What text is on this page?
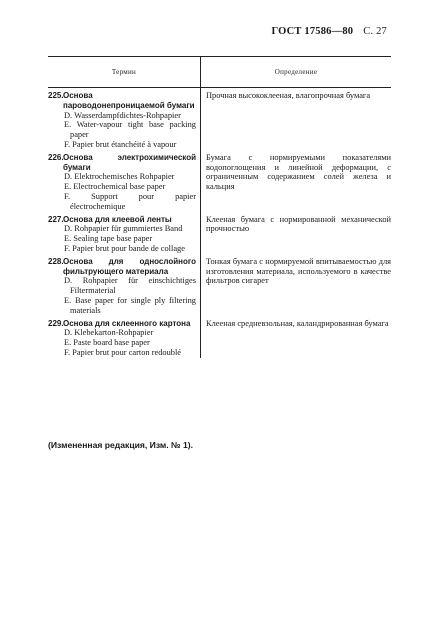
ГОСТ 17586—80 С. 27
Термин	Определение

225.Основа пароводонепроницаемой бумаги
D. Wasserdampfdichtes-Rohpapier
E. Water-vapour tight base packing paper
F. Papier brut étanchéité à vapour	Прочная высококлееная, влагопрочная бумага

226.Основа электрохимической бумаги
D. Elektrochemisches Rohpapier
E. Electrochemical base paper
F. Support pour papier électrochemique	Бумага с нормируемыми показателями водопоглощения и линейной деформации, с ограниченным содержанием солей железа и кальция

227.Основа для клеевой ленты
D. Rohpapier für gummiertes Band
E. Sealing tape base paper
F. Papier brut pour bande de collage	Клееная бумага с нормированной механической прочностью

228.Основа для однослойного фильтрующего материала
D. Rohpapier für einschichtiges Filtermaterial
E. Base paper for single ply filtering materials	Тонкая бумага с нормируемой впитываемостью для изготовления материала, используемого в качестве фильтров сигарет

229.Основа для склеенного картона
D. Klebekarton-Rohpapier
E. Paste board base paper
F. Papier brut pour carton redoublé	Клееная средневзольная, каландрированная бумага
(Измененная редакция, Изм. № 1).
